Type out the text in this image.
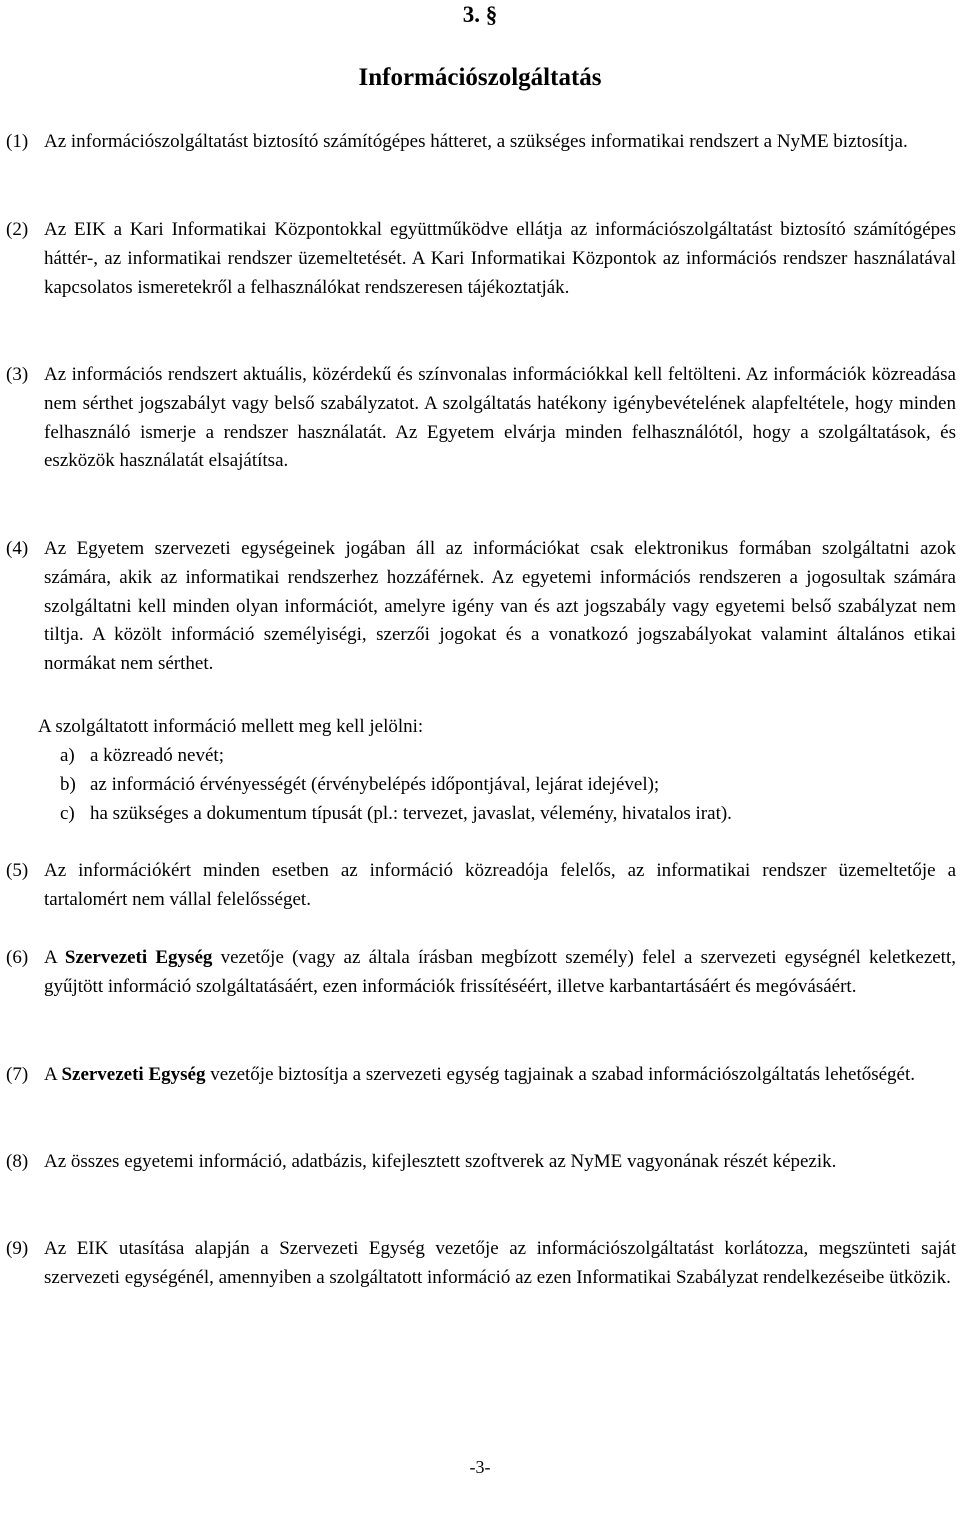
3. §
Információszolgáltatás
(1) Az információszolgáltatást biztosító számítógépes hátteret, a szükséges informatikai rendszert a NyME biztosítja.
(2) Az EIK a Kari Informatikai Központokkal együttműködve ellátja az információszolgáltatást biztosító számítógépes háttér-, az informatikai rendszer üzemeltetését. A Kari Informatikai Központok az információs rendszer használatával kapcsolatos ismeretekről a felhasználókat rendszeresen tájékoztatják.
(3) Az információs rendszert aktuális, közérdekű és színvonalas információkkal kell feltölteni. Az információk közreadása nem sérthet jogszabályt vagy belső szabályzatot. A szolgáltatás hatékony igénybevételének alapfeltétele, hogy minden felhasználó ismerje a rendszer használatát. Az Egyetem elvárja minden felhasználótól, hogy a szolgáltatások, és eszközök használatát elsajátítsa.
(4) Az Egyetem szervezeti egységeinek jogában áll az információkat csak elektronikus formában szolgáltatni azok számára, akik az informatikai rendszerhez hozzáférnek. Az egyetemi információs rendszeren a jogosultak számára szolgáltatni kell minden olyan információt, amelyre igény van és azt jogszabály vagy egyetemi belső szabályzat nem tiltja. A közölt információ személyiségi, szerzői jogokat és a vonatkozó jogszabályokat valamint általános etikai normákat nem sérthet.
A szolgáltatott információ mellett meg kell jelölni:
a) a közreadó nevét;
b) az információ érvényességét (érvénybelépés időpontjával, lejárat idejével);
c) ha szükséges a dokumentum típusát (pl.: tervezet, javaslat, vélemény, hivatalos irat).
(5) Az információkért minden esetben az információ közreadója felelős, az informatikai rendszer üzemeltetője a tartalomért nem vállal felelősséget.
(6) A Szervezeti Egység vezetője (vagy az általa írásban megbízott személy) felel a szervezeti egységnél keletkezett, gyűjtött információ szolgáltatásáért, ezen információk frissítéséért, illetve karbantartásáért és megóvásáért.
(7) A Szervezeti Egység vezetője biztosítja a szervezeti egység tagjainak a szabad információszolgáltatás lehetőségét.
(8) Az összes egyetemi információ, adatbázis, kifejlesztett szoftverek az NyME vagyonának részét képezik.
(9) Az EIK utasítása alapján a Szervezeti Egység vezetője az információszolgáltatást korlátozza, megszünteti saját szervezeti egységénél, amennyiben a szolgáltatott információ az ezen Informatikai Szabályzat rendelkezéseibe ütközik.
-3-
